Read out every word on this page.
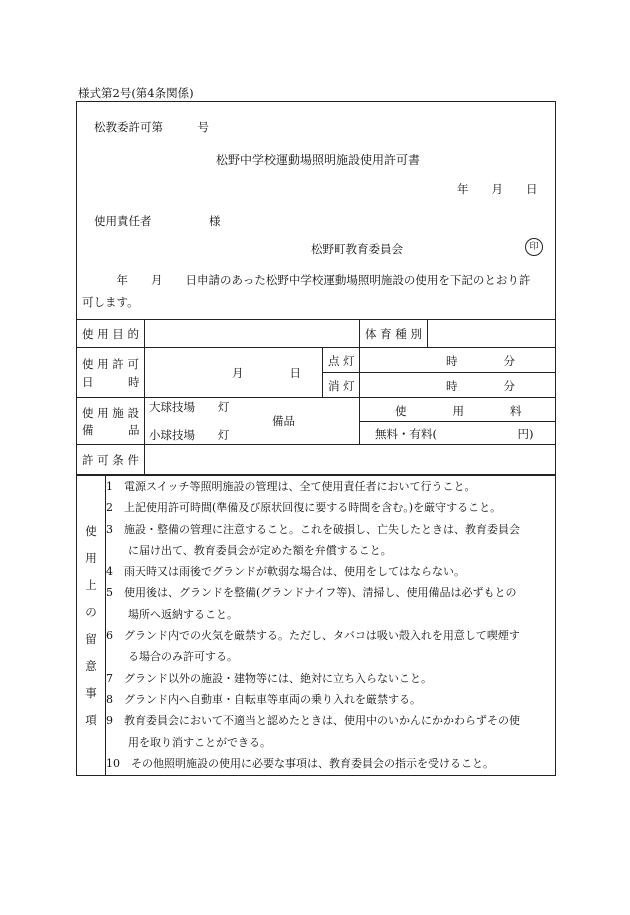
様式第2号(第4条関係)
松教委許可第　　　号
松野中学校運動場照明施設使用許可書
年　　月　　日
使用責任者　　　　　様
松野町教育委員会	印
　　　年　　月　　日申請のあった松野中学校運動場照明施設の使用を下記のとおり許
可します。
使 用 目 的	体 育 種 別
使 用 許 可
日　　　時
月　　　　日
点 灯
消 灯
時　　　　分
時　　　　分
使 用 施 設
備　　　品
大球技場　　灯
小球技場　　灯
備品
使　　　　用　　　　料
無料・有料(　　　　　　　円)
許 可 条 件
使
用
上
の
留
意
事
項
1　電源スイッチ等照明施設の管理は、全て使用責任者において行うこと。
2　上記使用許可時間(準備及び原状回復に要する時間を含む。)を厳守すること。
3　施設・整備の管理に注意すること。これを破損し、亡失したときは、教育委員会
　　に届け出て、教育委員会が定めた額を弁償すること。
4　雨天時又は雨後でグランドが軟弱な場合は、使用をしてはならない。
5　使用後は、グランドを整備(グランドナイフ等)、清掃し、使用備品は必ずもとの
　　場所へ返納すること。
6　グランド内での火気を厳禁する。ただし、タバコは吸い殻入れを用意して喫煙す
　　る場合のみ許可する。
7　グランド以外の施設・建物等には、絶対に立ち入らないこと。
8　グランド内へ自動車・自転車等車両の乗り入れを厳禁する。
9　教育委員会において不適当と認めたときは、使用中のいかんにかかわらずその使
　　用を取り消すことができる。
10　その他照明施設の使用に必要な事項は、教育委員会の指示を受けること。
